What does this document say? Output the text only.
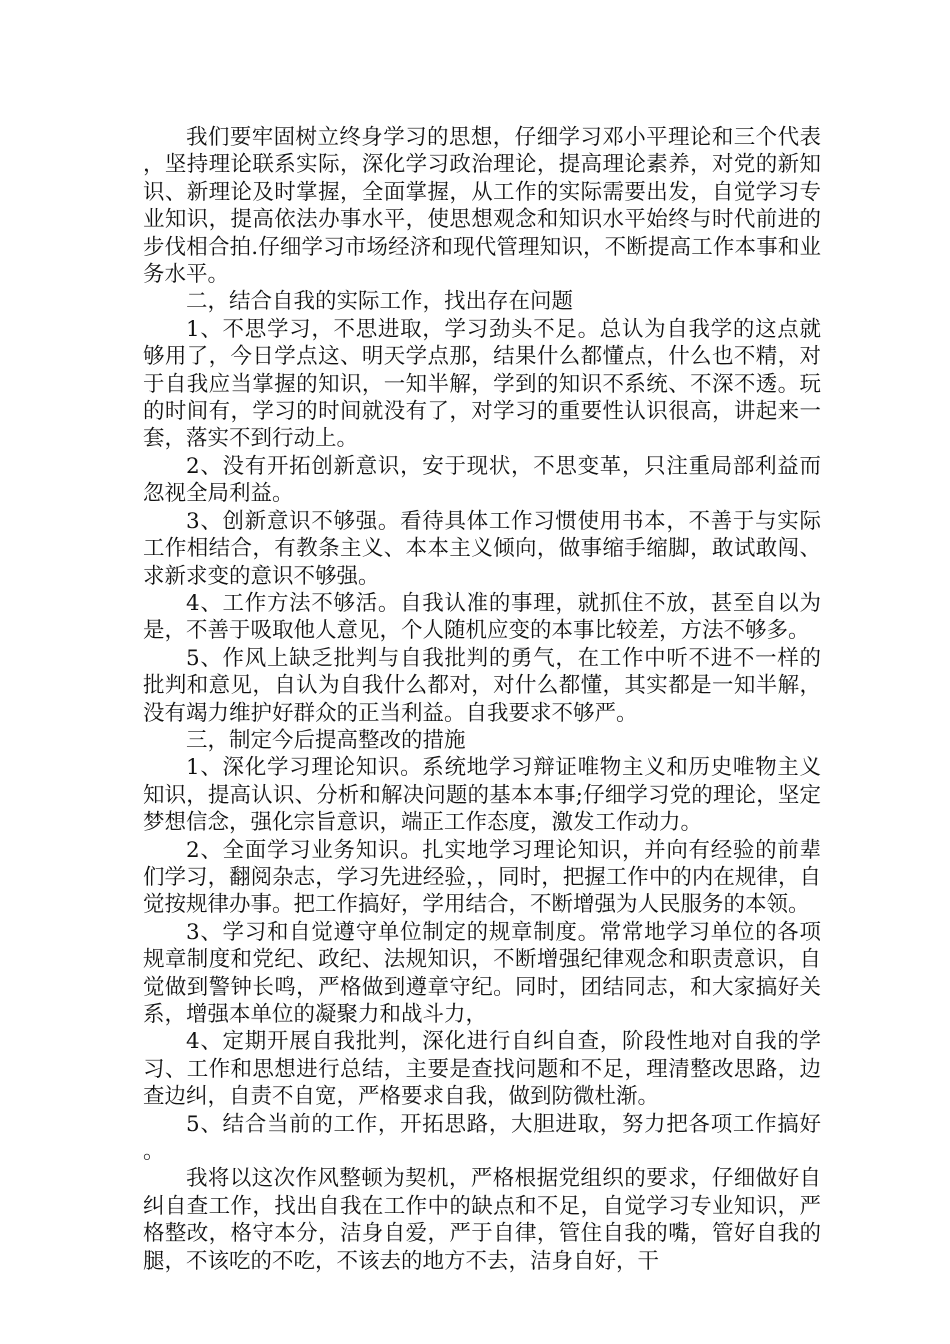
我们要牢固树立终身学习的思想，仔细学习邓小平理论和三个代表，坚持理论联系实际，深化学习政治理论，提高理论素养，对党的新知识、新理论及时掌握，全面掌握，从工作的实际需要出发，自觉学习专业知识，提高依法办事水平，使思想观念和知识水平始终与时代前进的步伐相合拍.仔细学习市场经济和现代管理知识，不断提高工作本事和业务水平。

二，结合自我的实际工作，找出存在问题

1、不思学习，不思进取，学习劲头不足。总认为自我学的这点就够用了，今日学点这、明天学点那，结果什么都懂点，什么也不精，对于自我应当掌握的知识，一知半解，学到的知识不系统、不深不透。玩的时间有，学习的时间就没有了，对学习的重要性认识很高，讲起来一套，落实不到行动上。

2、没有开拓创新意识，安于现状，不思变革，只注重局部利益而忽视全局利益。

3、创新意识不够强。看待具体工作习惯使用书本，不善于与实际工作相结合，有教条主义、本本主义倾向，做事缩手缩脚，敢试敢闯、求新求变的意识不够强。

4、工作方法不够活。自我认准的事理，就抓住不放，甚至自以为是，不善于吸取他人意见，个人随机应变的本事比较差，方法不够多。

5、作风上缺乏批判与自我批判的勇气，在工作中听不进不一样的批判和意见，自认为自我什么都对，对什么都懂，其实都是一知半解，没有竭力维护好群众的正当利益。自我要求不够严。

三，制定今后提高整改的措施

1、深化学习理论知识。系统地学习辩证唯物主义和历史唯物主义知识，提高认识、分析和解决问题的基本本事;仔细学习党的理论，坚定梦想信念，强化宗旨意识，端正工作态度，激发工作动力。

2、全面学习业务知识。扎实地学习理论知识，并向有经验的前辈们学习，翻阅杂志，学习先进经验，，同时，把握工作中的内在规律，自觉按规律办事。把工作搞好，学用结合，不断增强为人民服务的本领。

3、学习和自觉遵守单位制定的规章制度。常常地学习单位的各项规章制度和党纪、政纪、法规知识，不断增强纪律观念和职责意识，自觉做到警钟长鸣，严格做到遵章守纪。同时，团结同志，和大家搞好关系，增强本单位的凝聚力和战斗力，

4、定期开展自我批判，深化进行自纠自查，阶段性地对自我的学习、工作和思想进行总结，主要是查找问题和不足，理清整改思路，边查边纠，自责不自宽，严格要求自我，做到防微杜渐。

5、结合当前的工作，开拓思路，大胆进取，努力把各项工作搞好。

我将以这次作风整顿为契机，严格根据党组织的要求，仔细做好自纠自查工作，找出自我在工作中的缺点和不足，自觉学习专业知识，严格整改，格守本分，洁身自爱，严于自律，管住自我的嘴，管好自我的腿，不该吃的不吃，不该去的地方不去，洁身自好，干
